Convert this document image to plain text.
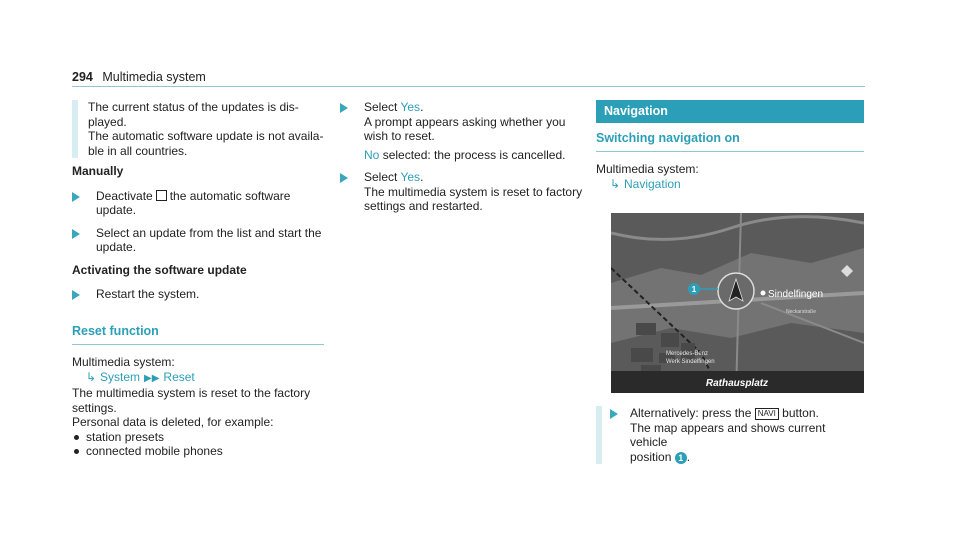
294 Multimedia system

The current status of the updates is dis-

played.

The automatic software update is not availa-

ble in all countries.

Manually

Deactivate the automatic software update.

Select an update from the list and start the update.

Activating the software update

Restart the system.

Reset function

Multimedia system:

↳ System ▶▶ Reset

The multimedia system is reset to the factory settings.

Personal data is deleted, for example:

station presets

connected mobile phones

Select Yes.

A prompt appears asking whether you wish to reset.

No selected: the process is cancelled.

Select Yes.

The multimedia system is reset to factory settings and restarted.

Navigation
Switching navigation on

Multimedia system:

↳ Navigation

1	Sindelfingen
Neckarstraße
Mercedes-Benz
Werk Sindelfingen
Rathausplatz

Alternatively: press the NAVI button.

The map appears and shows current vehicle

position 1 .
